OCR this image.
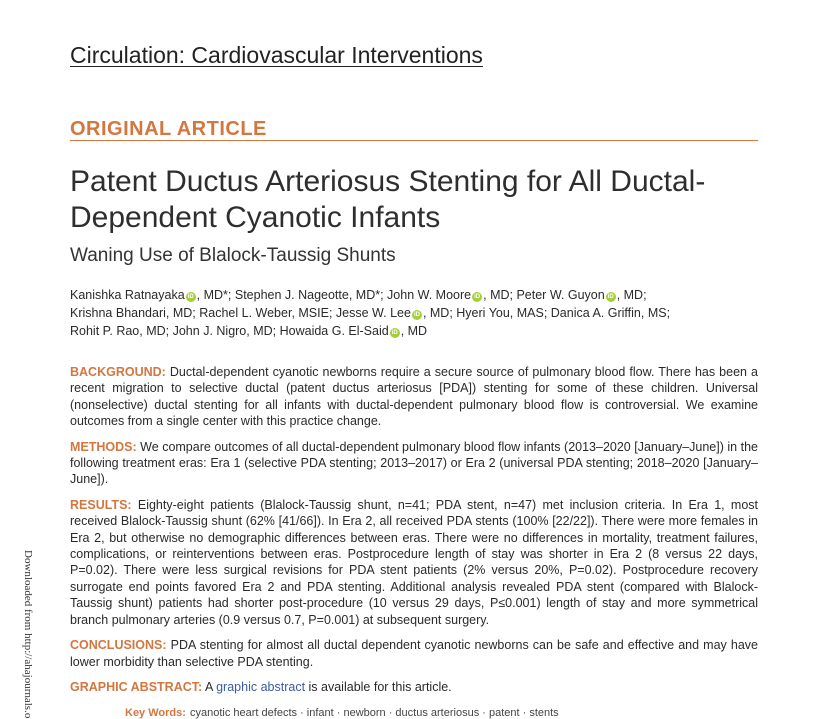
Circulation: Cardiovascular Interventions
ORIGINAL ARTICLE
Patent Ductus Arteriosus Stenting for All Ductal-Dependent Cyanotic Infants
Waning Use of Blalock-Taussig Shunts
Kanishka Ratnayaka iD , MD*; Stephen J. Nageotte, MD*; John W. Moore iD , MD; Peter W. Guyon iD , MD;
Krishna Bhandari, MD; Rachel L. Weber, MSIE; Jesse W. Lee iD , MD; Hyeri You, MAS; Danica A. Griffin, MS;
Rohit P. Rao, MD; John J. Nigro, MD; Howaida G. El-Said iD , MD

BACKGROUND: Ductal-dependent cyanotic newborns require a secure source of pulmonary blood flow. There has been a recent migration to selective ductal (patent ductus arteriosus [PDA]) stenting for some of these children. Universal (nonselective) ductal stenting for all infants with ductal-dependent pulmonary blood flow is controversial. We examine outcomes from a single center with this practice change.

METHODS: We compare outcomes of all ductal-dependent pulmonary blood flow infants (2013–2020 [January–June]) in the following treatment eras: Era 1 (selective PDA stenting; 2013–2017) or Era 2 (universal PDA stenting; 2018–2020 [January–June]).

RESULTS: Eighty-eight patients (Blalock-Taussig shunt, n=41; PDA stent, n=47) met inclusion criteria. In Era 1, most received Blalock-Taussig shunt (62% [41/66]). In Era 2, all received PDA stents (100% [22/22]). There were more females in Era 2, but otherwise no demographic differences between eras. There were no differences in mortality, treatment failures, complications, or reinterventions between eras. Postprocedure length of stay was shorter in Era 2 (8 versus 22 days, P=0.02). There were less surgical revisions for PDA stent patients (2% versus 20%, P=0.02). Postprocedure recovery surrogate end points favored Era 2 and PDA stenting. Additional analysis revealed PDA stent (compared with Blalock-Taussig shunt) patients had shorter post-procedure (10 versus 29 days, P≤0.001) length of stay and more symmetrical branch pulmonary arteries (0.9 versus 0.7, P=0.001) at subsequent surgery.

CONCLUSIONS: PDA stenting for almost all ductal dependent cyanotic newborns can be safe and effective and may have lower morbidity than selective PDA stenting.

GRAPHIC ABSTRACT: A graphic abstract is available for this article.

Downloaded from http://ahajournals.o	Key Words: cyanotic heart defects · infant · newborn · ductus arteriosus · patent · stents
